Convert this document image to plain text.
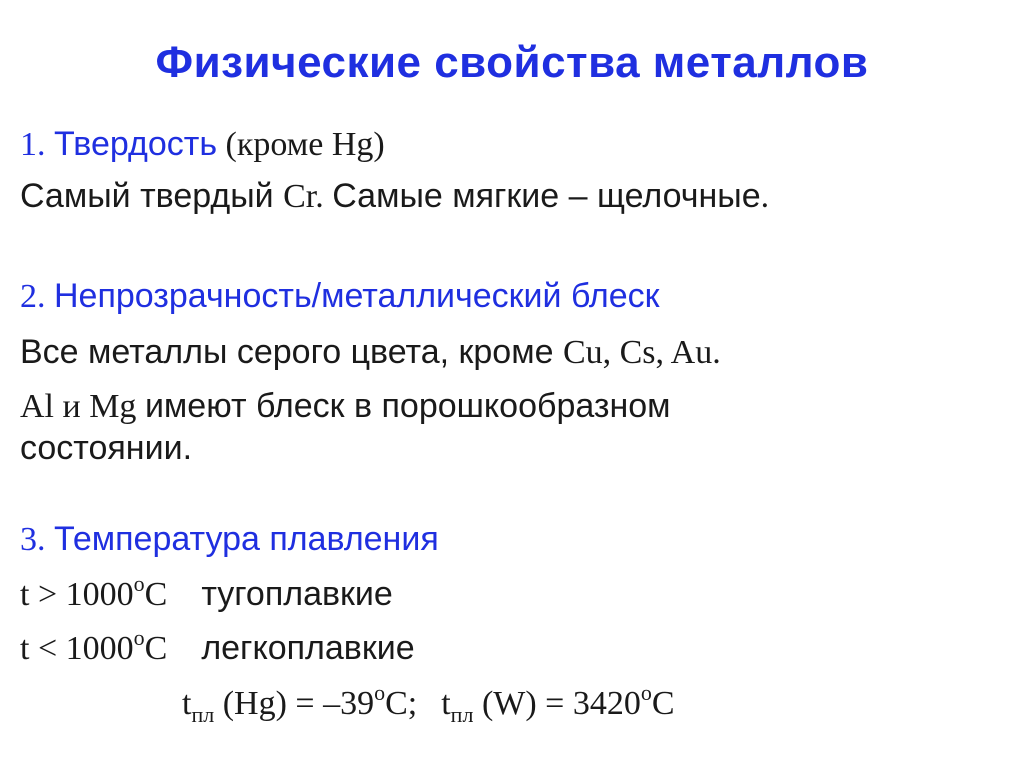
Физические свойства металлов
1. Твердость (кроме Hg)
Самый твердый Cr. Самые мягкие – щелочные.
2. Непрозрачность/металлический блеск
Все металлы серого цвета, кроме Cu, Cs, Au.
Al и Mg имеют блеск в порошкообразном
состоянии.
3. Температура плавления
$t > 1000^oC$ тугоплавкие
$t < 1000^oC$ легкоплавкие
$t_{пл}$ $(Hg) = -39^oC$; $t_{пл}$ $(W) = 3420^oC$
